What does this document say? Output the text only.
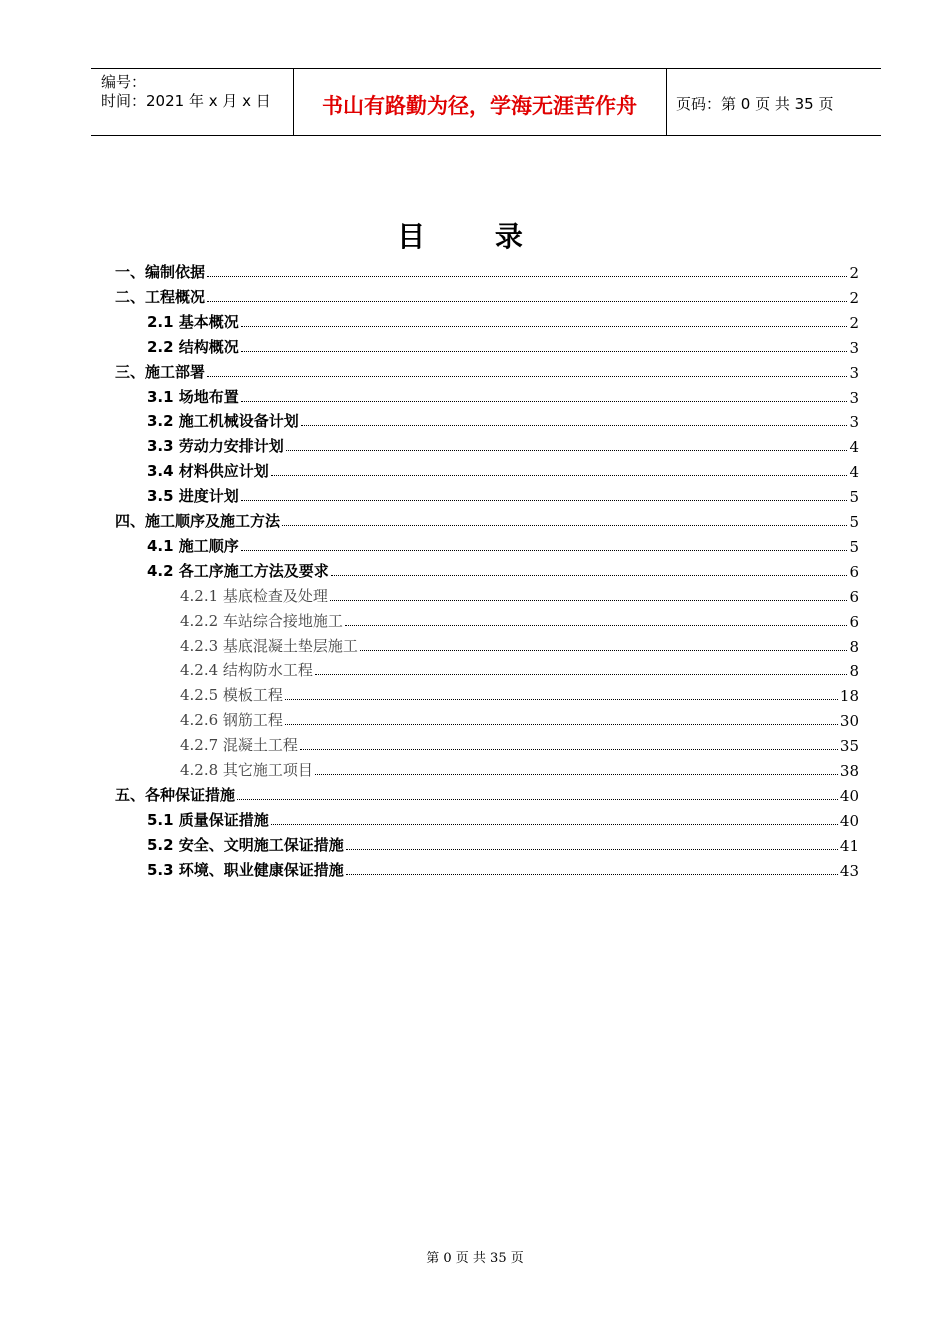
编号：
时间：2021 年 x 月 x 日	书山有路勤为径，学海无涯苦作舟	页码：第 0 页 共 35 页
目 录
一、编制依据	2
二、工程概况	2
2.1 基本概况	2
2.2 结构概况	3
三、施工部署	3
3.1 场地布置	3
3.2 施工机械设备计划	3
3.3 劳动力安排计划	4
3.4 材料供应计划	4
3.5 进度计划	5
四、施工顺序及施工方法	5
4.1 施工顺序	5
4.2 各工序施工方法及要求	6
4.2.1 基底检查及处理	6
4.2.2 车站综合接地施工	6
4.2.3 基底混凝土垫层施工	8
4.2.4 结构防水工程	8
4.2.5 模板工程	18
4.2.6 钢筋工程	30
4.2.7 混凝土工程	35
4.2.8 其它施工项目	38
五、各种保证措施	40
5.1 质量保证措施	40
5.2 安全、文明施工保证措施	41
5.3 环境、职业健康保证措施	43
第 0 页 共 35 页
